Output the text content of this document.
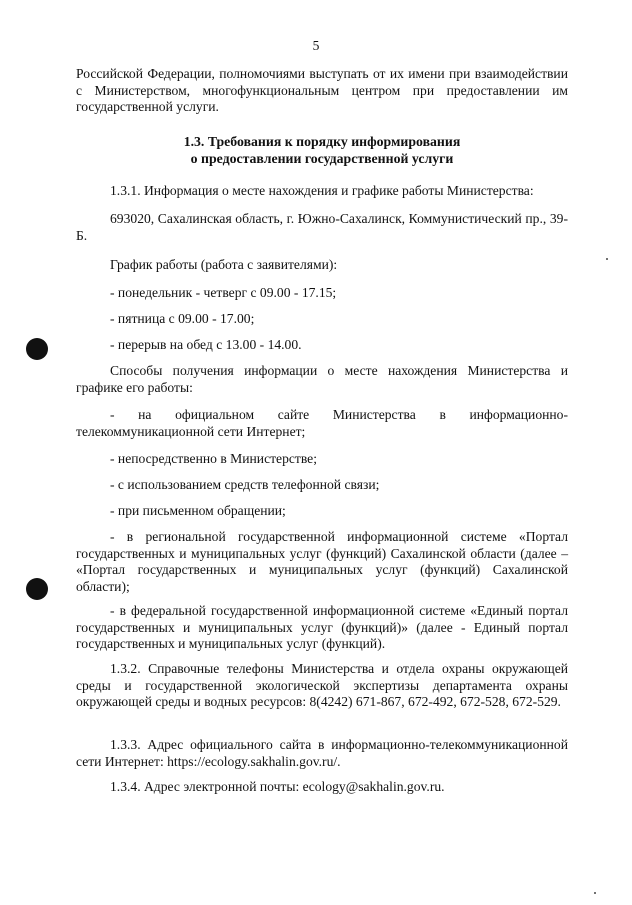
5

Российской Федерации, полномочиями выступать от их имени при взаимодействии с Министерством, многофункциональным центром при предоставлении им государственной услуги.

1.3. Требования к порядку информирования
о предоставлении государственной услуги

1.3.1. Информация о месте нахождения и графике работы Министерства:

693020, Сахалинская область, г. Южно-Сахалинск, Коммунистический пр., 39-Б.

График работы (работа с заявителями):

- понедельник - четверг с 09.00 - 17.15;

- пятница с 09.00 - 17.00;

- перерыв на обед с 13.00 - 14.00.

Способы получения информации о месте нахождения Министерства и графике его работы:

- на официальном сайте Министерства в информационно-телекоммуникационной сети Интернет;

- непосредственно в Министерстве;

- с использованием средств телефонной связи;

- при письменном обращении;

- в региональной государственной информационной системе «Портал государственных и муниципальных услуг (функций) Сахалинской области (далее – «Портал государственных и муниципальных услуг (функций) Сахалинской области);

- в федеральной государственной информационной системе «Единый портал государственных и муниципальных услуг (функций)» (далее - Единый портал государственных и муниципальных услуг (функций).

1.3.2. Справочные телефоны Министерства и отдела охраны окружающей среды и государственной экологической экспертизы департамента охраны окружающей среды и водных ресурсов: 8(4242) 671-867, 672-492, 672-528, 672-529.

1.3.3. Адрес официального сайта в информационно-телекоммуникационной сети Интернет: https://ecology.sakhalin.gov.ru/.

1.3.4. Адрес электронной почты: ecology@sakhalin.gov.ru.
